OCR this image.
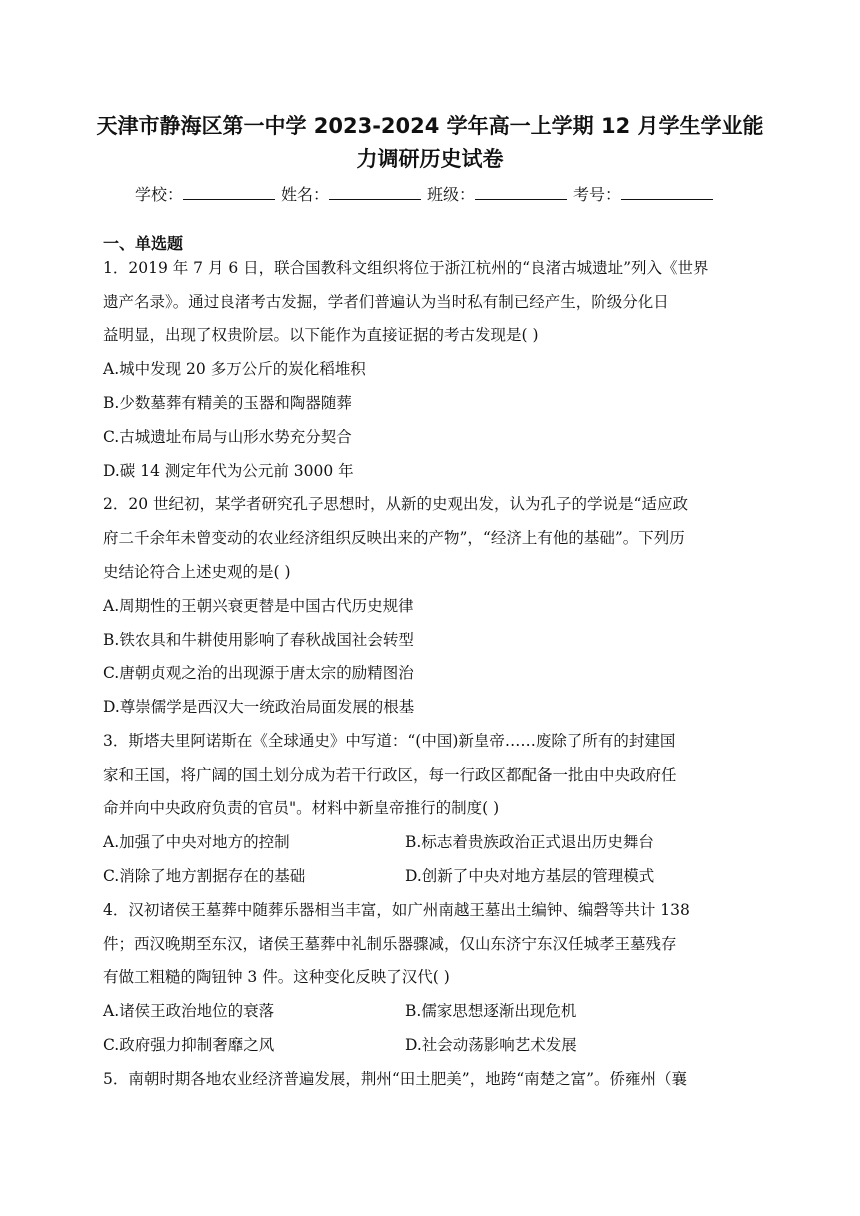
天津市静海区第一中学 2023-2024 学年高一上学期 12 月学生学业能
力调研历史试卷
学校：	姓名：	班级：	考号：
一、单选题
1．2019 年 7 月 6 日，联合国教科文组织将位于浙江杭州的“良渚古城遗址”列入《世界
遗产名录》。通过良渚考古发掘，学者们普遍认为当时私有制已经产生，阶级分化日
益明显，出现了权贵阶层。以下能作为直接证据的考古发现是( )
A.城中发现 20 多万公斤的炭化稻堆积
B.少数墓葬有精美的玉器和陶器随葬
C.古城遗址布局与山形水势充分契合
D.碳 14 测定年代为公元前 3000 年
2．20 世纪初，某学者研究孔子思想时，从新的史观出发，认为孔子的学说是“适应政
府二千余年未曾变动的农业经济组织反映出来的产物”，“经济上有他的基础”。下列历
史结论符合上述史观的是( )
A.周期性的王朝兴衰更替是中国古代历史规律
B.铁农具和牛耕使用影响了春秋战国社会转型
C.唐朝贞观之治的出现源于唐太宗的励精图治
D.尊崇儒学是西汉大一统政治局面发展的根基
3．斯塔夫里阿诺斯在《全球通史》中写道：“(中国)新皇帝……废除了所有的封建国
家和王国，将广阔的国土划分成为若干行政区，每一行政区都配备一批由中央政府任
命并向中央政府负责的官员"。材料中新皇帝推行的制度( )
A.加强了中央对地方的控制	B.标志着贵族政治正式退出历史舞台
C.消除了地方割据存在的基础	D.创新了中央对地方基层的管理模式
4．汉初诸侯王墓葬中随葬乐器相当丰富，如广州南越王墓出土编钟、编磬等共计 138
件；西汉晚期至东汉，诸侯王墓葬中礼制乐器骤减，仅山东济宁东汉任城孝王墓残存
有做工粗糙的陶钮钟 3 件。这种变化反映了汉代( )
A.诸侯王政治地位的衰落	B.儒家思想逐渐出现危机
C.政府强力抑制奢靡之风	D.社会动荡影响艺术发展
5．南朝时期各地农业经济普遍发展，荆州“田土肥美”，地跨“南楚之富”。侨雍州（襄
